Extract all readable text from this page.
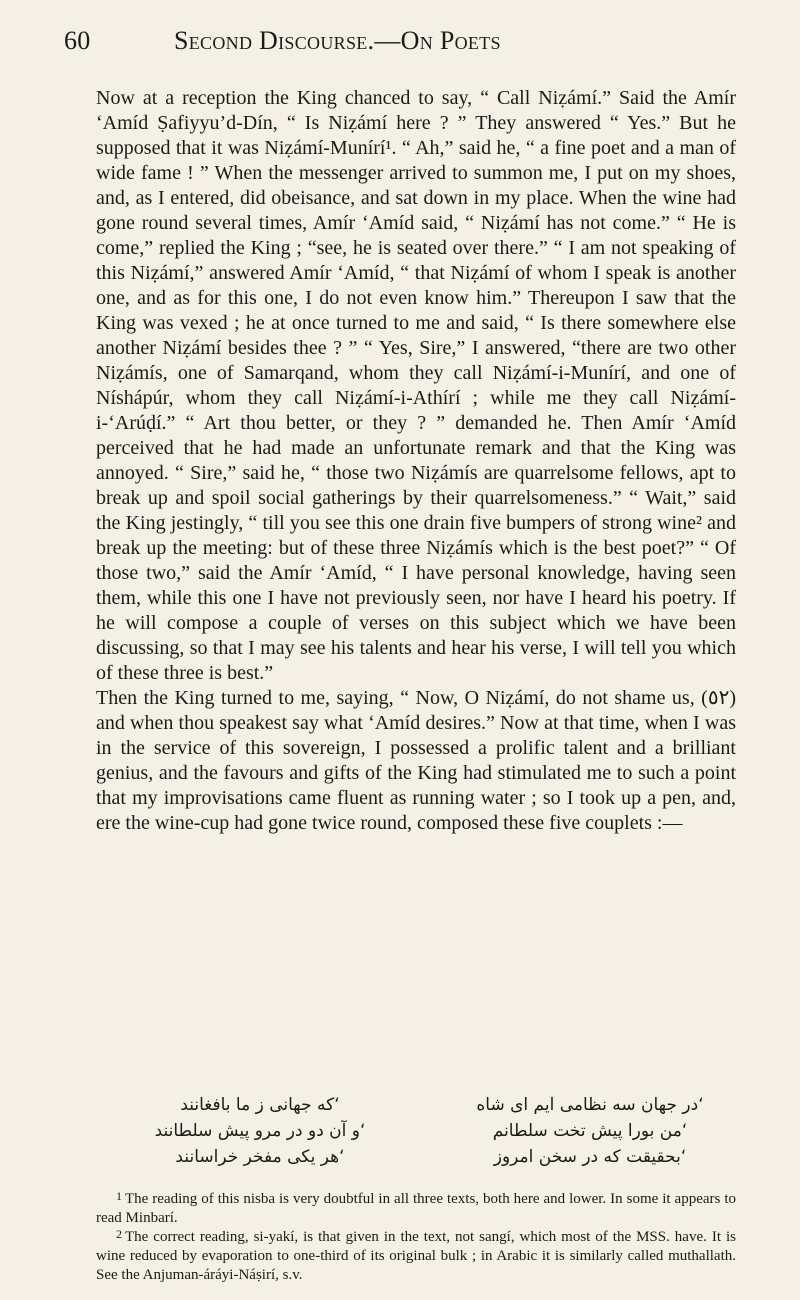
60	Second Discourse.—On Poets

Now at a reception the King chanced to say, “ Call Niẓámí.” Said the Amír ‘Amíd Ṣafiyyu’d-Dín, “ Is Niẓámí here ? ” They answered “ Yes.” But he supposed that it was Niẓámí-Munírí¹. “ Ah,” said he, “ a fine poet and a man of wide fame ! ” When the messenger arrived to summon me, I put on my shoes, and, as I entered, did obeisance, and sat down in my place. When the wine had gone round several times, Amír ‘Amíd said, “ Niẓámí has not come.” “ He is come,” replied the King ; “see, he is seated over there.” “ I am not speaking of this Niẓámí,” answered Amír ‘Amíd, “ that Niẓámí of whom I speak is another one, and as for this one, I do not even know him.” Thereupon I saw that the King was vexed ; he at once turned to me and said, “ Is there somewhere else another Niẓámí besides thee ? ” “ Yes, Sire,” I answered, “there are two other Niẓámís, one of Samarqand, whom they call Niẓámí-i-Munírí, and one of Níshápúr, whom they call Niẓámí-i-Athírí ; while me they call Niẓámí-i-‘Arúḍí.” “ Art thou better, or they ? ” demanded he. Then Amír ‘Amíd perceived that he had made an unfortunate remark and that the King was annoyed. “ Sire,” said he, “ those two Niẓámís are quarrelsome fellows, apt to break up and spoil social gatherings by their quarrelsomeness.” “ Wait,” said the King jestingly, “ till you see this one drain five bumpers of strong wine² and break up the meeting: but of these three Niẓámís which is the best poet?” “ Of those two,” said the Amír ‘Amíd, “ I have personal knowledge, having seen them, while this one I have not previously seen, nor have I heard his poetry. If he will compose a couple of verses on this subject which we have been discussing, so that I may see his talents and hear his verse, I will tell you which of these three is best.”

Then the King turned to me, saying, “ Now, O Niẓámí, do not shame us, (٥٢) and when thou speakest say what ‘Amíd desires.” Now at that time, when I was in the service of this sovereign, I possessed a prolific talent and a brilliant genius, and the favours and gifts of the King had stimulated me to such a point that my improvisations came fluent as running water ; so I took up a pen, and, ere the wine-cup had gone twice round, composed these five couplets :—

‘در جهان سه نظامی ایم ای شاه
‘که جهانی ز ما بافغانند
‘من بورا پیش تخت سلطانم
‘و آن دو در مرو پیش سلطانند
‘بحقیقت که در سخن امروز
‘هر یکی مفخر خراسانند

$^1$ The reading of this nisba is very doubtful in all three texts, both here and lower. In some it appears to read Minbarí.

$^2$ The correct reading, si-yakí, is that given in the text, not sangí, which most of the MSS. have. It is wine reduced by evaporation to one-third of its original bulk ; in Arabic it is similarly called muthallath. See the Anjuman-áráyi-Náṣirí, s.v.
